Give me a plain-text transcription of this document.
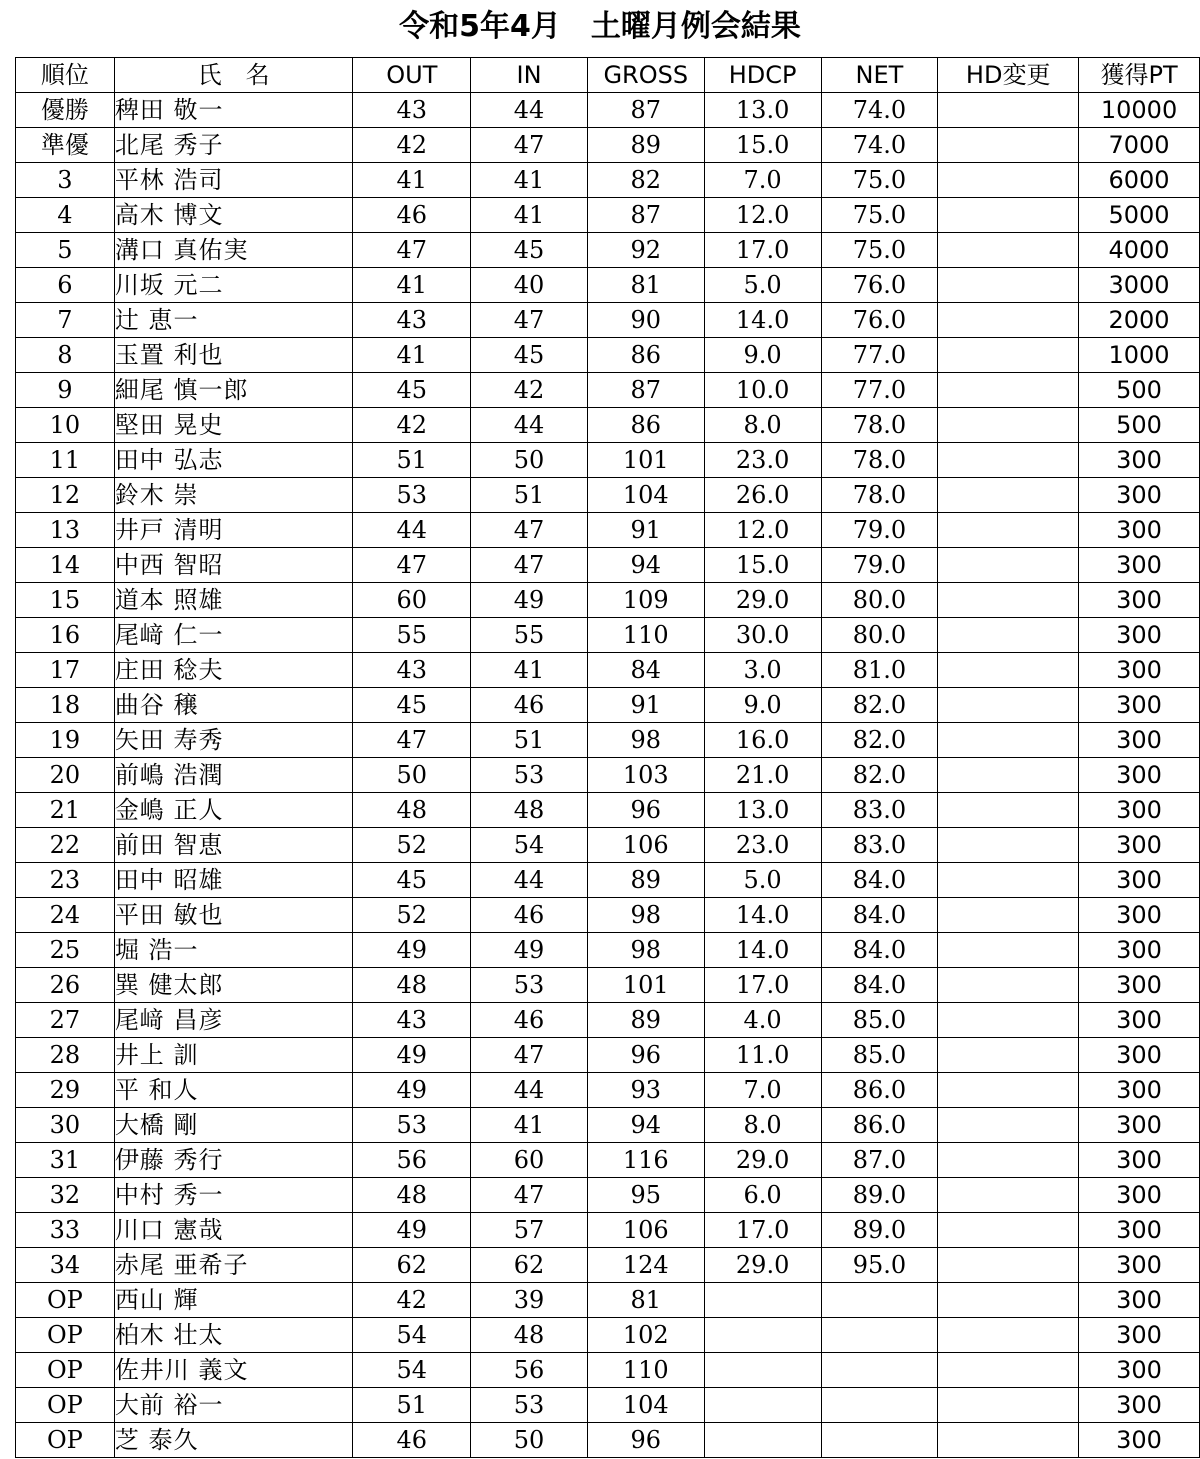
令和5年4月　土曜月例会結果
順位	氏　名	OUT	IN	GROSS	HDCP	NET	HD変更	獲得PT
優勝	稗田 敬一	43	44	87	13.0	74.0		10000
準優	北尾 秀子	42	47	89	15.0	74.0		7000
3	平林 浩司	41	41	82	7.0	75.0		6000
4	高木 博文	46	41	87	12.0	75.0		5000
5	溝口 真佑実	47	45	92	17.0	75.0		4000
6	川坂 元二	41	40	81	5.0	76.0		3000
7	辻 恵一	43	47	90	14.0	76.0		2000
8	玉置 利也	41	45	86	9.0	77.0		1000
9	細尾 慎一郎	45	42	87	10.0	77.0		500
10	堅田 晃史	42	44	86	8.0	78.0		500
11	田中 弘志	51	50	101	23.0	78.0		300
12	鈴木 崇	53	51	104	26.0	78.0		300
13	井戸 清明	44	47	91	12.0	79.0		300
14	中西 智昭	47	47	94	15.0	79.0		300
15	道本 照雄	60	49	109	29.0	80.0		300
16	尾﨑 仁一	55	55	110	30.0	80.0		300
17	庄田 稔夫	43	41	84	3.0	81.0		300
18	曲谷 穣	45	46	91	9.0	82.0		300
19	矢田 寿秀	47	51	98	16.0	82.0		300
20	前嶋 浩潤	50	53	103	21.0	82.0		300
21	金嶋 正人	48	48	96	13.0	83.0		300
22	前田 智恵	52	54	106	23.0	83.0		300
23	田中 昭雄	45	44	89	5.0	84.0		300
24	平田 敏也	52	46	98	14.0	84.0		300
25	堀 浩一	49	49	98	14.0	84.0		300
26	巽 健太郎	48	53	101	17.0	84.0		300
27	尾﨑 昌彦	43	46	89	4.0	85.0		300
28	井上 訓	49	47	96	11.0	85.0		300
29	平 和人	49	44	93	7.0	86.0		300
30	大橋 剛	53	41	94	8.0	86.0		300
31	伊藤 秀行	56	60	116	29.0	87.0		300
32	中村 秀一	48	47	95	6.0	89.0		300
33	川口 憲哉	49	57	106	17.0	89.0		300
34	赤尾 亜希子	62	62	124	29.0	95.0		300
OP	西山 輝	42	39	81				300
OP	柏木 壮太	54	48	102				300
OP	佐井川 義文	54	56	110				300
OP	大前 裕一	51	53	104				300
OP	芝 泰久	46	50	96				300
